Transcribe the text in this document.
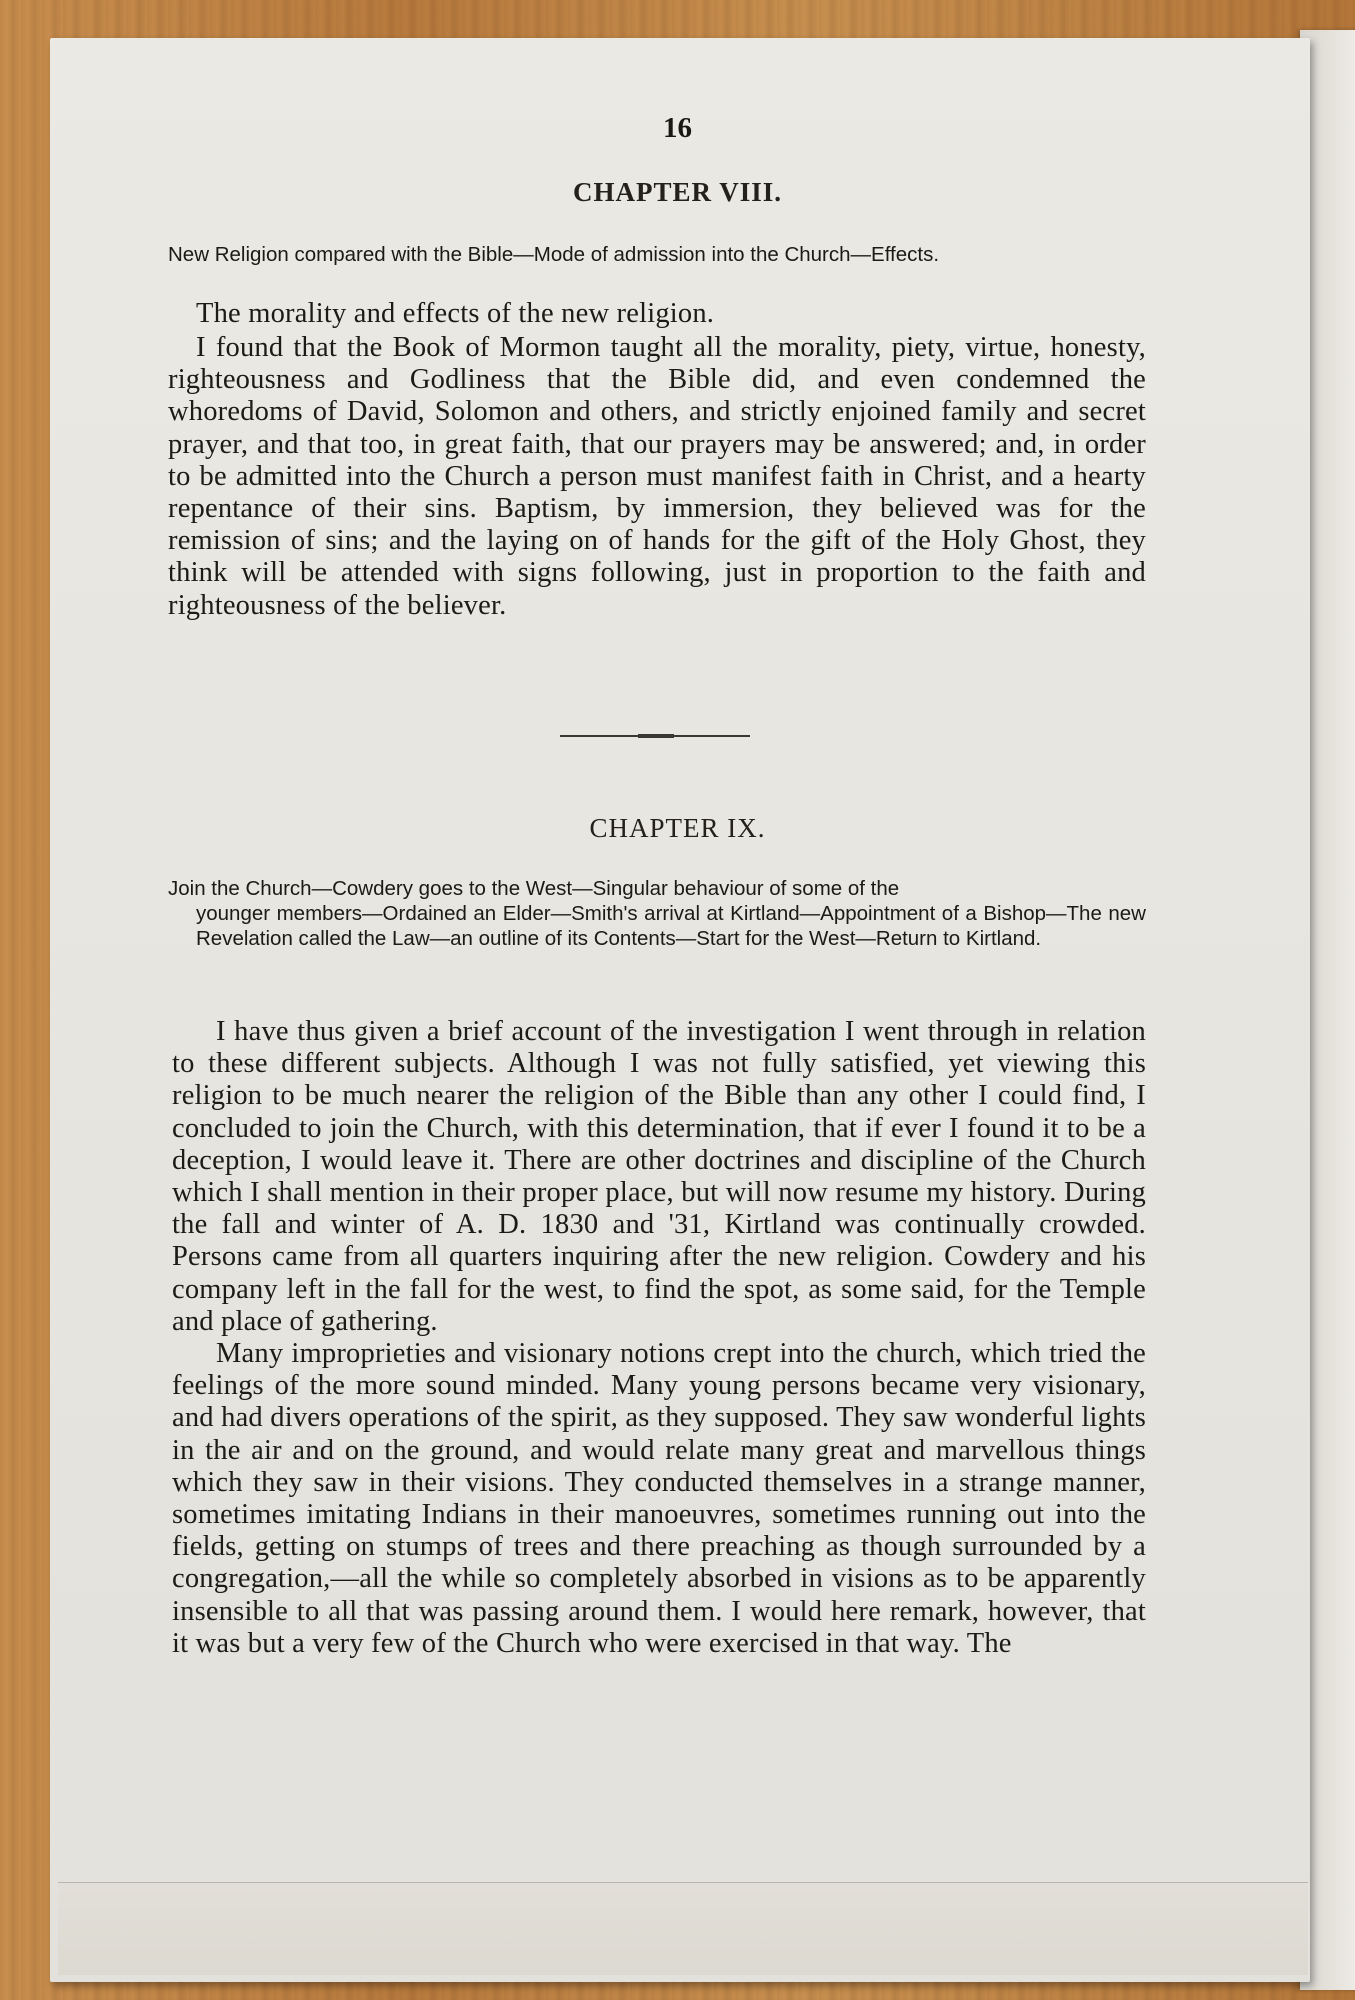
16
CHAPTER VIII.
New Religion compared with the Bible—Mode of admission into the Church—Effects.

The morality and effects of the new religion.

I found that the Book of Mormon taught all the morality, piety, virtue, honesty, righteousness and Godliness that the Bible did, and even condemned the whoredoms of David, Solomon and others, and strictly enjoined family and secret prayer, and that too, in great faith, that our prayers may be answered; and, in order to be admitted into the Church a person must manifest faith in Christ, and a hearty repentance of their sins. Baptism, by immersion, they believed was for the remission of sins; and the laying on of hands for the gift of the Holy Ghost, they think will be attended with signs following, just in proportion to the faith and righteousness of the believer.

CHAPTER IX.
Join the Church—Cowdery goes to the West—Singular behaviour of some of the
younger members—Ordained an Elder—Smith's arrival at Kirtland—Appointment of a Bishop—The new Revelation called the Law—an outline of its Contents—Start for the West—Return to Kirtland.

I have thus given a brief account of the investigation I went through in relation to these different subjects. Although I was not fully satisfied, yet viewing this religion to be much nearer the religion of the Bible than any other I could find, I concluded to join the Church, with this determination, that if ever I found it to be a deception, I would leave it. There are other doctrines and discipline of the Church which I shall mention in their proper place, but will now resume my history. During the fall and winter of A. D. 1830 and '31, Kirtland was continually crowded. Persons came from all quarters inquiring after the new religion. Cowdery and his company left in the fall for the west, to find the spot, as some said, for the Temple and place of gathering.

Many improprieties and visionary notions crept into the church, which tried the feelings of the more sound minded. Many young persons became very visionary, and had divers operations of the spirit, as they supposed. They saw wonderful lights in the air and on the ground, and would relate many great and marvellous things which they saw in their visions. They conducted themselves in a strange manner, sometimes imitating Indians in their manoeuvres, sometimes running out into the fields, getting on stumps of trees and there preaching as though surrounded by a congregation,—all the while so completely absorbed in visions as to be apparently insensible to all that was passing around them. I would here remark, however, that it was but a very few of the Church who were exercised in that way. The
